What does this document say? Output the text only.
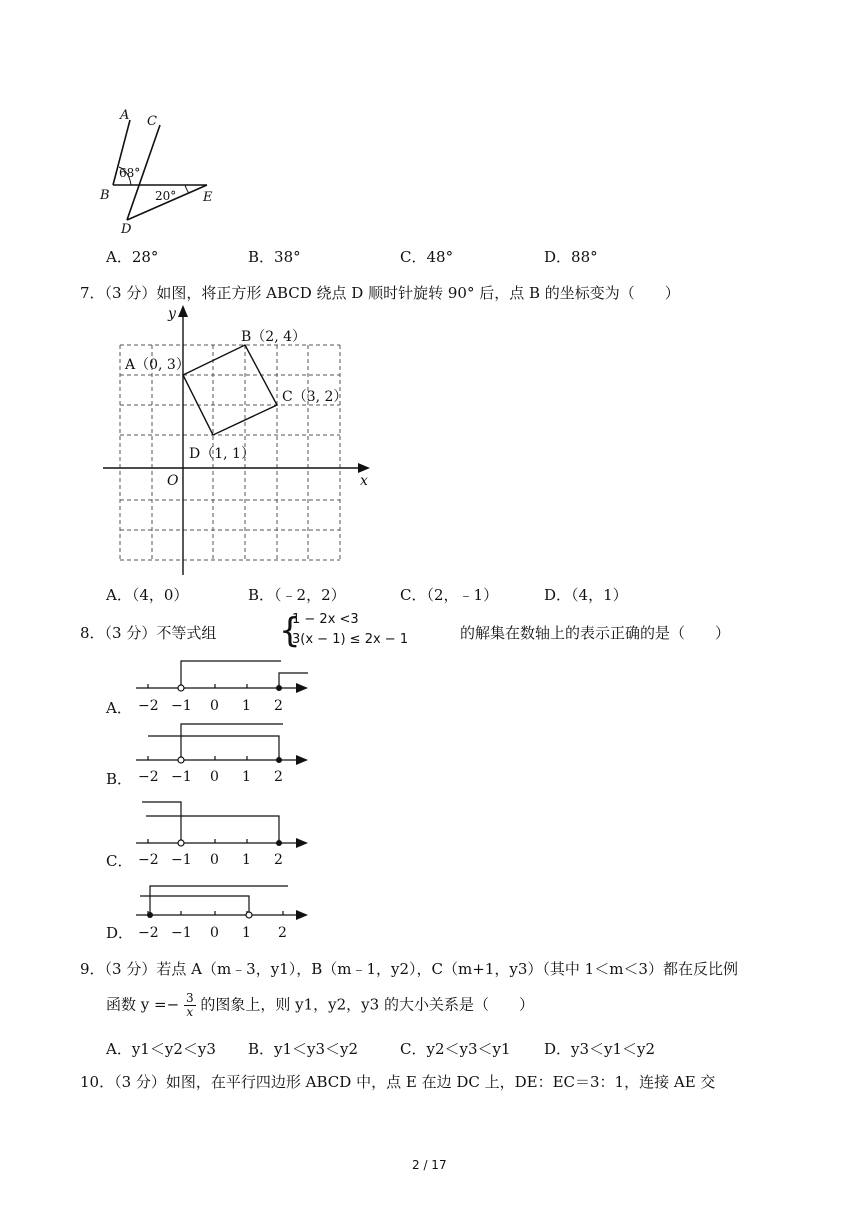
A C
B
D
E
68°
20°
A．28°	B．38°	C．48°	D．88°
7．（3 分）如图，将正方形 ABCD 绕点 D 顺时针旋转 90° 后，点 B 的坐标变为（　　）
y
x
O
A（0, 3）
B（2, 4）
C（3, 2）
D（1, 1）
A．（4，0）	B．（﹣2，2）	C．（2，﹣1）	D．（4，1）
8．（3 分）不等式组 {
1 − 2x <3
3(x − 1) ≤ 2x − 1	的解集在数轴上的表示正确的是（　　）
A． −2 −1 0 1 2
B． −2 −1 0 1 2
C． −2 −1 0 1 2
D． −2 −1 0 1 2
9．（3 分）若点 A（m﹣3，y1），B（m﹣1，y2），C（m+1，y3）（其中 1＜m＜3）都在反比例
函数 $y =- \frac{3}{x}$ 的图象上，则 y1，y2，y3 的大小关系是（　　）
A．y1＜y2＜y3 B．y1＜y3＜y2	C．y2＜y3＜y1 D．y3＜y1＜y2
10．（3 分）如图，在平行四边形 ABCD 中，点 E 在边 DC 上，DE：EC＝3：1，连接 AE 交
2 / 17
